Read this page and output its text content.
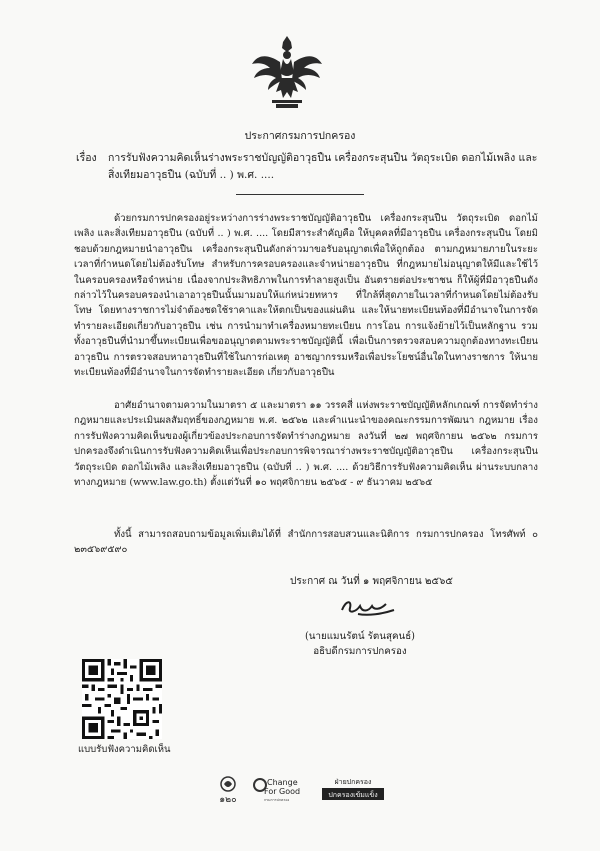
ประกาศกรมการปกครอง
เรื่อง การรับฟังความคิดเห็นร่างพระราชบัญญัติอาวุธปืน เครื่องกระสุนปืน วัตถุระเบิด ดอกไม้เพลิง และสิ่งเทียมอาวุธปืน (ฉบับที่ .. ) พ.ศ. ....
ด้วยกรมการปกครองอยู่ระหว่างการร่างพระราชบัญญัติอาวุธปืน เครื่องกระสุนปืน วัตถุระเบิด ดอกไม้เพลิง และสิ่งเทียมอาวุธปืน (ฉบับที่ .. ) พ.ศ. .... โดยมีสาระสำคัญคือ ให้บุคคลที่มีอาวุธปืน เครื่องกระสุนปืน โดยมิชอบด้วยกฎหมายนำอาวุธปืน เครื่องกระสุนปืนดังกล่าวมาขอรับอนุญาตเพื่อให้ถูกต้อง ตามกฎหมายภายในระยะเวลาที่กำหนดโดยไม่ต้องรับโทษ สำหรับการครอบครองและจำหน่ายอาวุธปืน ที่กฎหมายไม่อนุญาตให้มีและใช้ไว้ในครอบครองหรือจำหน่าย เนื่องจากประสิทธิภาพในการทำลายสูงเป็น อันตรายต่อประชาชน ก็ให้ผู้ที่มีอาวุธปืนดังกล่าวไว้ในครอบครองนำเอาอาวุธปืนนั้นมามอบให้แก่หน่วยทหาร ที่ใกล้ที่สุดภายในเวลาที่กำหนดโดยไม่ต้องรับโทษ โดยทางราชการไม่จำต้องชดใช้ราคาและให้ตกเป็นของแผ่นดิน และให้นายทะเบียนท้องที่มีอำนาจในการจัดทำรายละเอียดเกี่ยวกับอาวุธปืน เช่น การนำมาทำเครื่องหมายทะเบียน การโอน การแจ้งย้ายไว้เป็นหลักฐาน รวมทั้งอาวุธปืนที่นำมาขึ้นทะเบียนเพื่อขออนุญาตตามพระราชบัญญัตินี้ เพื่อเป็นการตรวจสอบความถูกต้องทางทะเบียนอาวุธปืน การตรวจสอบหาอาวุธปืนที่ใช้ในการก่อเหตุ อาชญากรรมหรือเพื่อประโยชน์อื่นใดในทางราชการ ให้นายทะเบียนท้องที่มีอำนาจในการจัดทำรายละเอียด เกี่ยวกับอาวุธปืน
อาศัยอำนาจตามความในมาตรา ๕ และมาตรา ๑๑ วรรคสี่ แห่งพระราชบัญญัติหลักเกณฑ์ การจัดทำร่างกฎหมายและประเมินผลสัมฤทธิ์ของกฎหมาย พ.ศ. ๒๕๖๒ และคำแนะนำของคณะกรรมการพัฒนา กฎหมาย เรื่อง การรับฟังความคิดเห็นของผู้เกี่ยวข้องประกอบการจัดทำร่างกฎหมาย ลงวันที่ ๒๗ พฤศจิกายน ๒๕๖๒ กรมการปกครองจึงดำเนินการรับฟังความคิดเห็นเพื่อประกอบการพิจารณาร่างพระราชบัญญัติอาวุธปืน เครื่องกระสุนปืน วัตถุระเบิด ดอกไม้เพลิง และสิ่งเทียมอาวุธปืน (ฉบับที่ .. ) พ.ศ. .... ด้วยวิธีการรับฟังความคิดเห็น ผ่านระบบกลางทางกฎหมาย (www.law.go.th) ตั้งแต่วันที่ ๑๐ พฤศจิกายน ๒๕๖๕ - ๙ ธันวาคม ๒๕๖๕
ทั้งนี้ สามารถสอบถามข้อมูลเพิ่มเติมได้ที่ สำนักการสอบสวนและนิติการ กรมการปกครอง โทรศัพท์ ๐ ๒๓๕๖๙๕๙๐
ประกาศ ณ วันที่ ๑ พฤศจิกายน ๒๕๖๕
(นายแมนรัตน์ รัตนสุคนธ์)
อธิบดีกรมการปกครอง
แบบรับฟังความคิดเห็น
๑๒๐
Change
For Good
กรมการปกครอง
ฝ่ายปกครอง
ปกครองเข้มแข็ง
